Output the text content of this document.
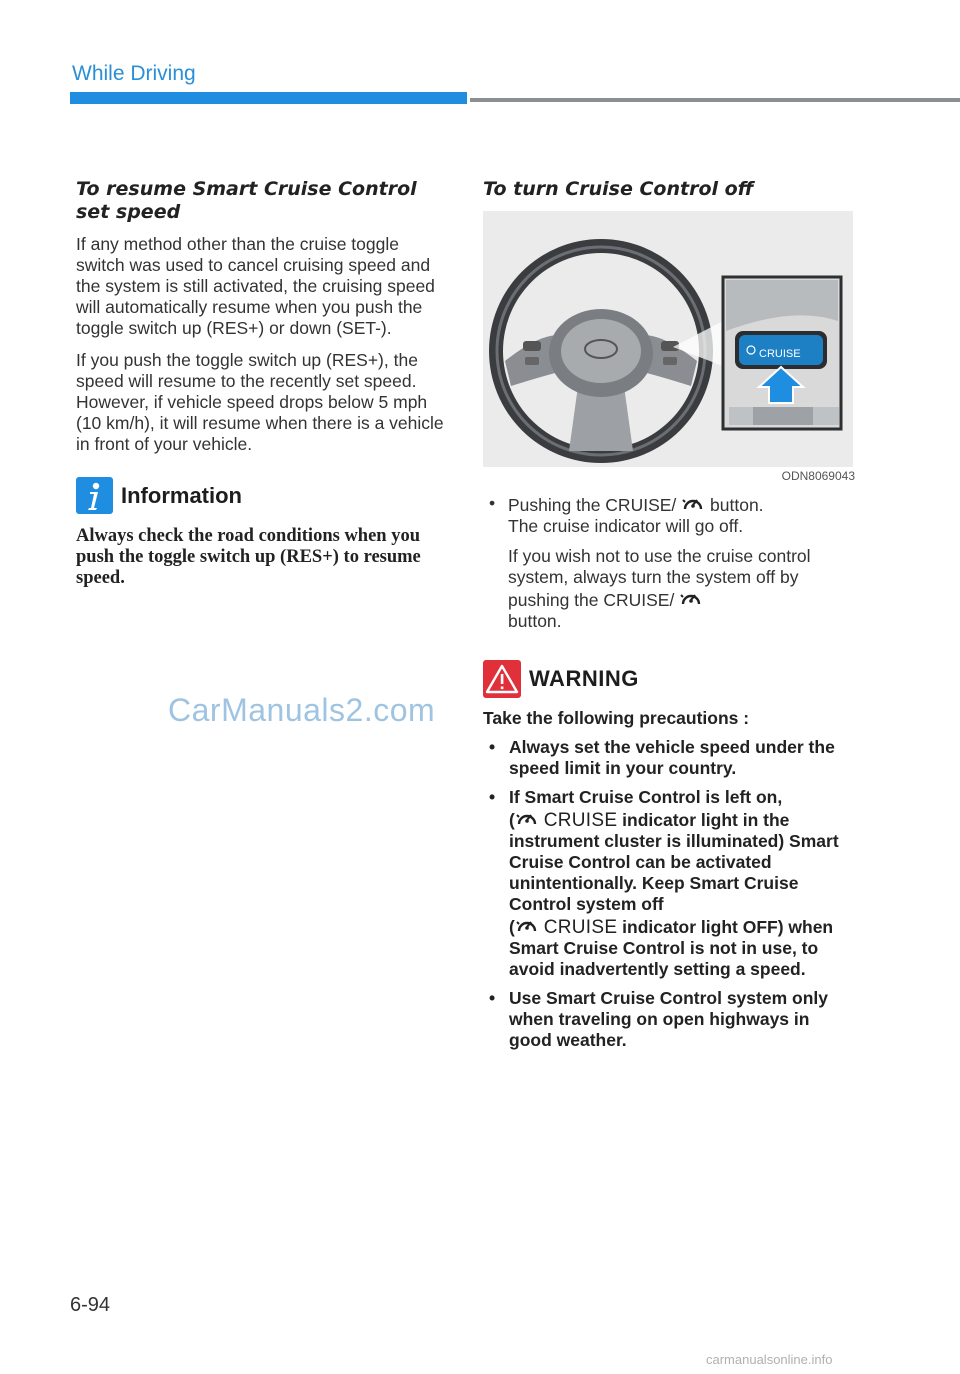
While Driving
To resume Smart Cruise Control set speed

If any method other than the cruise toggle switch was used to cancel cruising speed and the system is still activated, the cruising speed will automatically resume when you push the toggle switch up (RES+) or down (SET-).

If you push the toggle switch up (RES+), the speed will resume to the recently set speed. However, if vehicle speed drops below 5 mph (10 km/h), it will resume when there is a vehicle in front of your vehicle.

Information

Always check the road conditions when you push the toggle switch up (RES+) to resume speed.

CarManuals2.com
To turn Cruise Control off
CRUISE
ODN8069043
• Pushing the CRUISE/  button.
The cruise indicator will go off.
If you wish not to use the cruise control system, always turn the system off by pushing the CRUISE/
button.
WARNING

Take the following precautions :

• Always set the vehicle speed under the speed limit in your country.
• If Smart Cruise Control is left on,
( CRUISE indicator light in the instrument cluster is illuminated) Smart Cruise Control can be activated unintentionally. Keep Smart Cruise Control system off
( CRUISE indicator light OFF) when Smart Cruise Control is not in use, to avoid inadvertently setting a speed.
• Use Smart Cruise Control system only when traveling on open highways in good weather.
6-94
carmanualsonline.info
